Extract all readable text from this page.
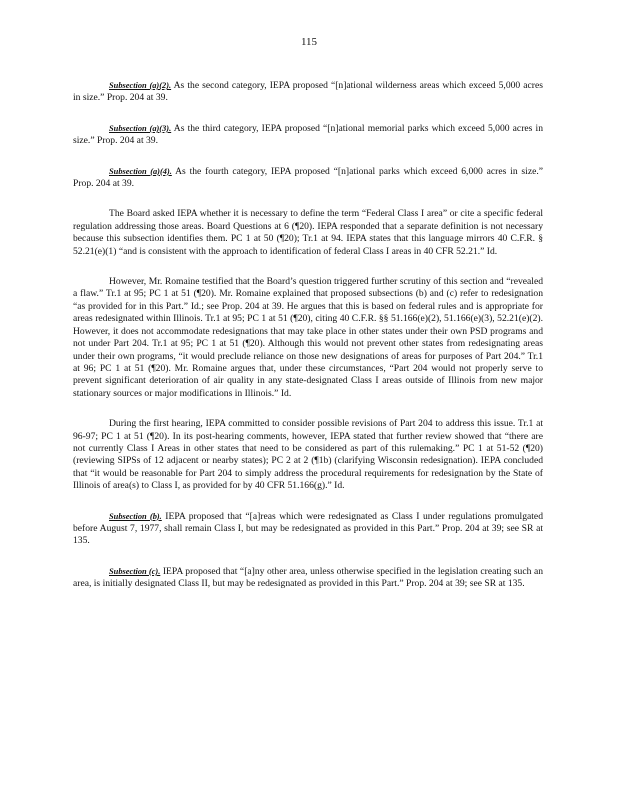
115

Subsection (a)(2). As the second category, IEPA proposed “[n]ational wilderness areas which exceed 5,000 acres in size.” Prop. 204 at 39.

Subsection (a)(3). As the third category, IEPA proposed “[n]ational memorial parks which exceed 5,000 acres in size.” Prop. 204 at 39.

Subsection (a)(4). As the fourth category, IEPA proposed “[n]ational parks which exceed 6,000 acres in size.” Prop. 204 at 39.

The Board asked IEPA whether it is necessary to define the term “Federal Class I area” or cite a specific federal regulation addressing those areas. Board Questions at 6 (¶20). IEPA responded that a separate definition is not necessary because this subsection identifies them. PC 1 at 50 (¶20); Tr.1 at 94. IEPA states that this language mirrors 40 C.F.R. § 52.21(e)(1) “and is consistent with the approach to identification of federal Class I areas in 40 CFR 52.21.” Id.

However, Mr. Romaine testified that the Board’s question triggered further scrutiny of this section and “revealed a flaw.” Tr.1 at 95; PC 1 at 51 (¶20). Mr. Romaine explained that proposed subsections (b) and (c) refer to redesignation “as provided for in this Part.” Id.; see Prop. 204 at 39. He argues that this is based on federal rules and is appropriate for areas redesignated within Illinois. Tr.1 at 95; PC 1 at 51 (¶20), citing 40 C.F.R. §§ 51.166(e)(2), 51.166(e)(3), 52.21(e)(2). However, it does not accommodate redesignations that may take place in other states under their own PSD programs and not under Part 204. Tr.1 at 95; PC 1 at 51 (¶20). Although this would not prevent other states from redesignating areas under their own programs, “it would preclude reliance on those new designations of areas for purposes of Part 204.” Tr.1 at 96; PC 1 at 51 (¶20). Mr. Romaine argues that, under these circumstances, “Part 204 would not properly serve to prevent significant deterioration of air quality in any state-designated Class I areas outside of Illinois from new major stationary sources or major modifications in Illinois.” Id.

During the first hearing, IEPA committed to consider possible revisions of Part 204 to address this issue. Tr.1 at 96-97; PC 1 at 51 (¶20). In its post-hearing comments, however, IEPA stated that further review showed that “there are not currently Class I Areas in other states that need to be considered as part of this rulemaking.” PC 1 at 51-52 (¶20) (reviewing SIPSs of 12 adjacent or nearby states); PC 2 at 2 (¶1b) (clarifying Wisconsin redesignation). IEPA concluded that “it would be reasonable for Part 204 to simply address the procedural requirements for redesignation by the State of Illinois of area(s) to Class I, as provided for by 40 CFR 51.166(g).” Id.

Subsection (b). IEPA proposed that “[a]reas which were redesignated as Class I under regulations promulgated before August 7, 1977, shall remain Class I, but may be redesignated as provided in this Part.” Prop. 204 at 39; see SR at 135.

Subsection (c). IEPA proposed that “[a]ny other area, unless otherwise specified in the legislation creating such an area, is initially designated Class II, but may be redesignated as provided in this Part.” Prop. 204 at 39; see SR at 135.
